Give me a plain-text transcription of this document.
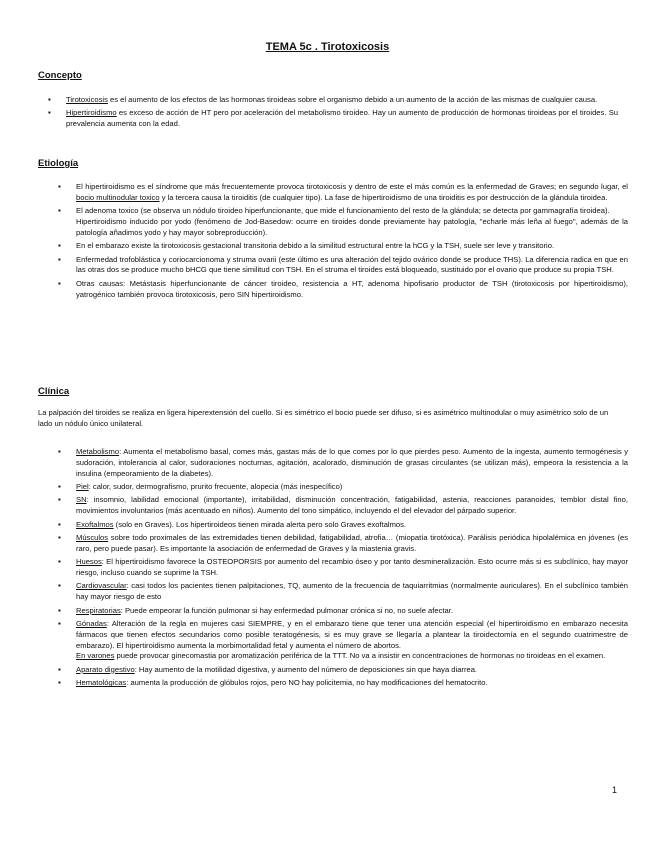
TEMA 5c . Tirotoxicosis
Concepto
▪ Tirotoxicosis es el aumento de los efectos de las hormonas tiroideas sobre el organismo debido a un aumento de la acción de las mismas de cualquier causa.
▪ Hipertiroidismo es exceso de acción de HT pero por aceleración del metabolismo tiroideo. Hay un aumento de producción de hormonas tiroideas por el tiroides. Su prevalencia aumenta con la edad.
Etiología
▪ El hipertiroidismo es el síndrome que más frecuentemente provoca tirotoxicosis y dentro de este el más común es la enfermedad de Graves; en segundo lugar, el bocio multinodular toxico y la tercera causa la tiroiditis (de cualquier tipo). La fase de hipertiroidismo de una tiroiditis es por destrucción de la glándula tiroidea.
▪ El adenoma toxico (se observa un nódulo tiroideo hiperfuncionante, que mide el funcionamiento del resto de la glándula; se detecta por gammagrafía tiroidea).
Hipertiroidismo inducido por yodo (fenómeno de Jod-Basedow: ocurre en tiroides donde previamente hay patología, "echarle más leña al fuego", además de la patología añadimos yodo y hay mayor sobreproducción).
▪ En el embarazo existe la tirotoxicosis gestacional transitoria debido a la similitud estructural entre la hCG y la TSH, suele ser leve y transitorio.
▪ Enfermedad trofoblástica y coriocarcionoma y struma ovarii (este último es una alteración del tejido ovárico donde se produce THS). La diferencia radica en que en las otras dos se produce mucho bHCG que tiene similitud con TSH. En el struma el tiroides está bloqueado, sustituido por el ovario que produce su propia TSH.
▪ Otras causas: Metástasis hiperfuncionante de cáncer tiroideo, resistencia a HT, adenoma hipofisario productor de TSH (tirotoxicosis por hipertiroidismo), yatrogénico también provoca tirotoxicosis, pero SIN hipertiroidismo.
Clínica
La palpación del tiroides se realiza en ligera hiperextensión del cuello. Si es simétrico el bocio puede ser difuso, si es asimétrico multinodular o muy asimétrico solo de un lado un nódulo único unilateral.
▪ Metabolismo: Aumenta el metabolismo basal, comes más, gastas más de lo que comes por lo que pierdes peso. Aumento de la ingesta, aumento termogénesis y sudoración, intolerancia al calor, sudoraciones nocturnas, agitación, acalorado, disminución de grasas circulantes (se utilizan más), empeora la resistencia a la insulina (empeoramiento de la diabetes).
▪ Piel: calor, sudor, dermografismo, prurito frecuente, alopecia (más inespecífico)
▪ SN: insomnio, labilidad emocional (importante), irritabilidad, disminución concentración, fatigabilidad, astenia, reacciones paranoides, temblor distal fino, movimientos involuntarios (más acentuado en niños). Aumento del tono simpático, incluyendo el del elevador del párpado superior.
▪ Exoftalmos (solo en Graves). Los hipertiroideos tienen mirada alerta pero solo Graves exoftalmos.
▪ Músculos sobre todo proximales de las extremidades tienen debilidad, fatigabilidad, atrofia… (miopatía tirotóxica). Parálisis periódica hipolalémica en jóvenes (es raro, pero puede pasar). Es importante la asociación de enfermedad de Graves y la miastenia gravis.
▪ Huesos: El hipertiroidismo favorece la OSTEOPORSIS por aumento del recambio óseo y por tanto desmineralización. Esto ocurre más si es subclínico, hay mayor riesgo, incluso cuando se suprime la TSH.
▪ Cardiovascular: casi todos los pacientes tienen palpitaciones, TQ, aumento de la frecuencia de taquiarritmias (normalmente auriculares). En el subclínico también hay mayor riesgo de esto
▪ Respiratorias: Puede empeorar la función pulmonar si hay enfermedad pulmonar crónica si no, no suele afectar.
▪ Gónadas: Alteración de la regla en mujeres casi SIEMPRE, y en el embarazo tiene que tener una atención especial (el hipertiroidismo en embarazo necesita fármacos que tienen efectos secundarios como posible teratogénesis, si es muy grave se llegaría a plantear la tiroidectomía en el segundo cuatrimestre de embarazo). El hipertiroidismo aumenta la morbimortalidad fetal y aumenta el número de abortos.
En varones puede provocar ginecomastia por aromatización periférica de la TTT. No va a insistir en concentraciones de hormonas no tiroideas en el examen.
▪ Aparato digestivo: Hay aumento de la motilidad digestiva, y aumento del número de deposiciones sin que haya diarrea.
▪ Hematológicas: aumenta la producción de glóbulos rojos, pero NO hay policitemia, no hay modificaciones del hematocrito.
1
